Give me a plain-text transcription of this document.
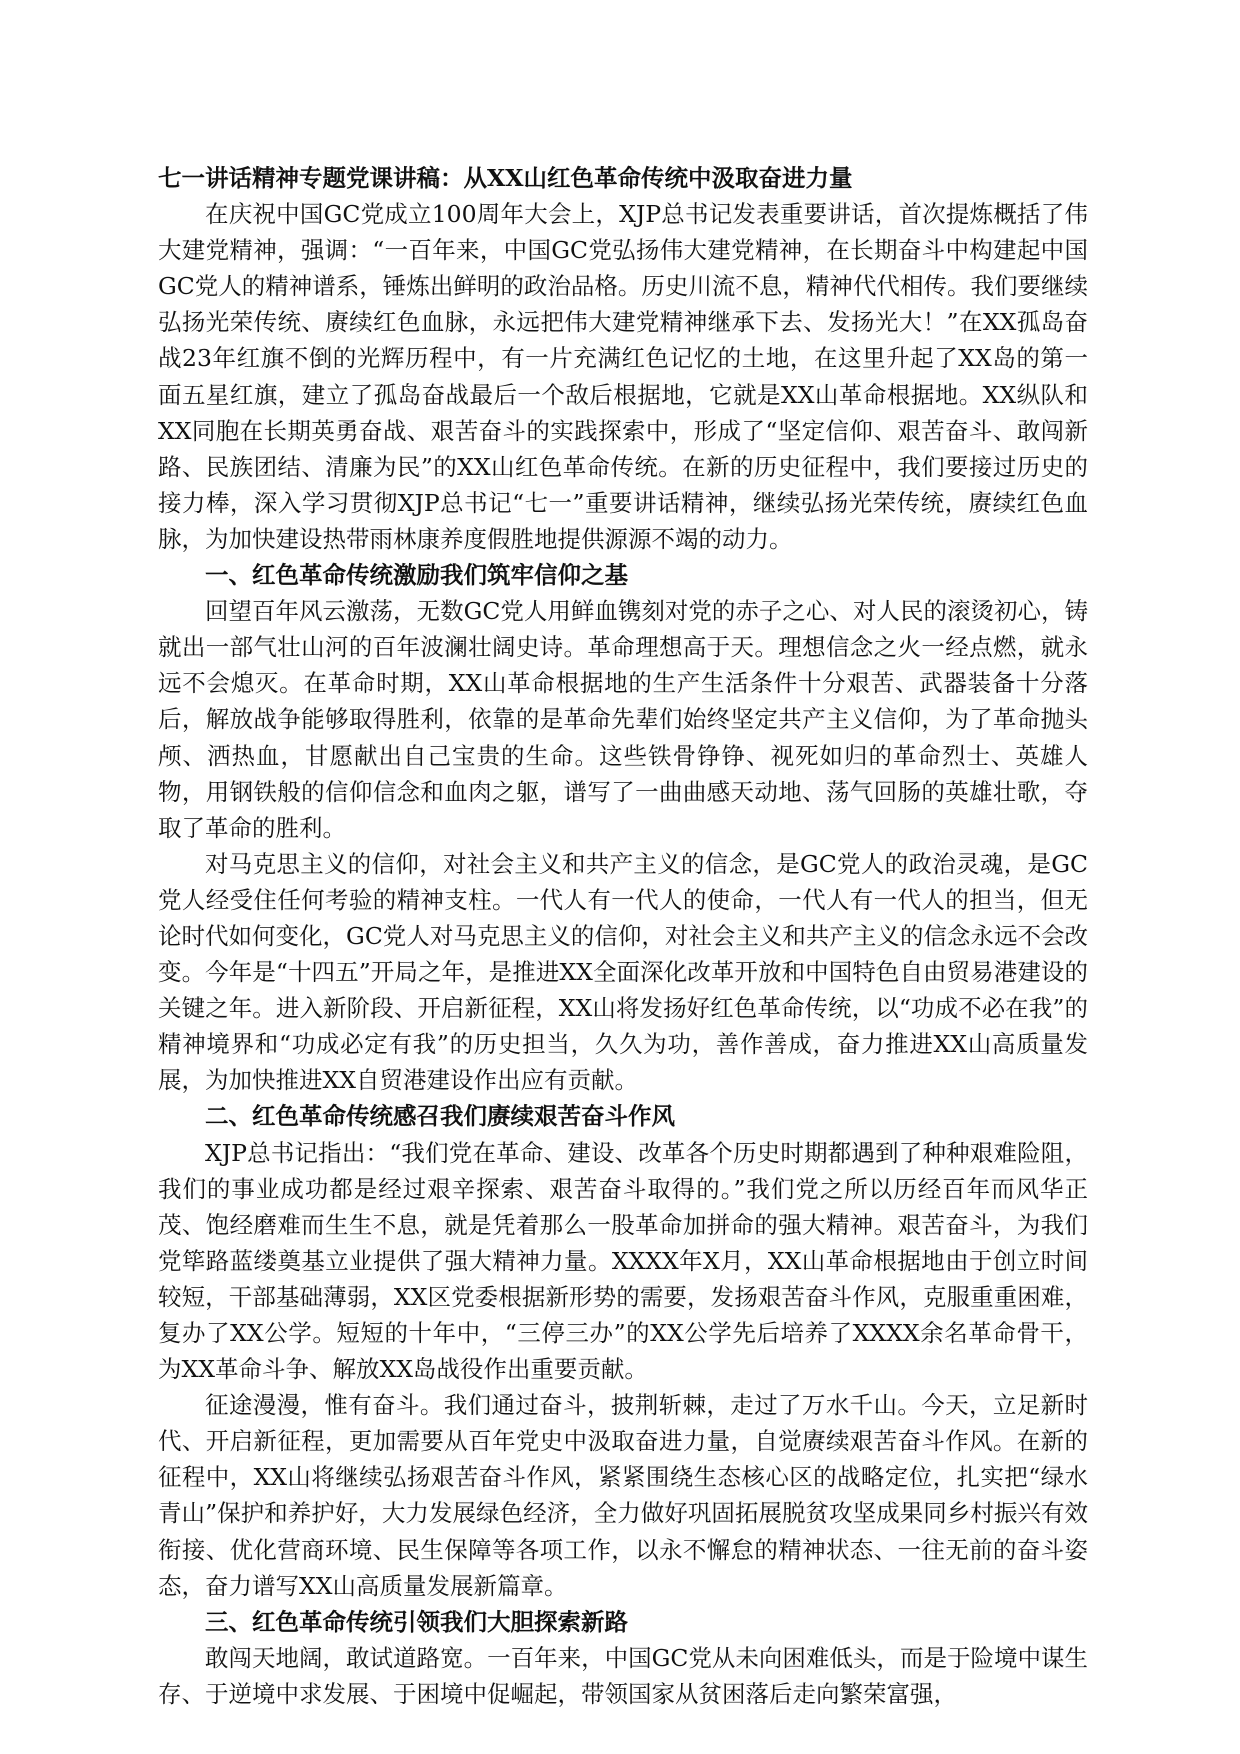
七一讲话精神专题党课讲稿：从XX山红色革命传统中汲取奋进力量

在庆祝中国GC党成立100周年大会上，XJP总书记发表重要讲话，首次提炼概括了伟大建党精神，强调：“一百年来，中国GC党弘扬伟大建党精神，在长期奋斗中构建起中国GC党人的精神谱系，锤炼出鲜明的政治品格。历史川流不息，精神代代相传。我们要继续弘扬光荣传统、赓续红色血脉，永远把伟大建党精神继承下去、发扬光大！”在XX孤岛奋战23年红旗不倒的光辉历程中，有一片充满红色记忆的土地，在这里升起了XX岛的第一面五星红旗，建立了孤岛奋战最后一个敌后根据地，它就是XX山革命根据地。XX纵队和XX同胞在长期英勇奋战、艰苦奋斗的实践探索中，形成了“坚定信仰、艰苦奋斗、敢闯新路、民族团结、清廉为民”的XX山红色革命传统。在新的历史征程中，我们要接过历史的接力棒，深入学习贯彻XJP总书记“七一”重要讲话精神，继续弘扬光荣传统，赓续红色血脉，为加快建设热带雨林康养度假胜地提供源源不竭的动力。

一、红色革命传统激励我们筑牢信仰之基

回望百年风云激荡，无数GC党人用鲜血镌刻对党的赤子之心、对人民的滚烫初心，铸就出一部气壮山河的百年波澜壮阔史诗。革命理想高于天。理想信念之火一经点燃，就永远不会熄灭。在革命时期，XX山革命根据地的生产生活条件十分艰苦、武器装备十分落后，解放战争能够取得胜利，依靠的是革命先辈们始终坚定共产主义信仰，为了革命抛头颅、洒热血，甘愿献出自己宝贵的生命。这些铁骨铮铮、视死如归的革命烈士、英雄人物，用钢铁般的信仰信念和血肉之躯，谱写了一曲曲感天动地、荡气回肠的英雄壮歌，夺取了革命的胜利。

对马克思主义的信仰，对社会主义和共产主义的信念，是GC党人的政治灵魂，是GC党人经受住任何考验的精神支柱。一代人有一代人的使命，一代人有一代人的担当，但无论时代如何变化，GC党人对马克思主义的信仰，对社会主义和共产主义的信念永远不会改变。今年是“十四五”开局之年，是推进XX全面深化改革开放和中国特色自由贸易港建设的关键之年。进入新阶段、开启新征程，XX山将发扬好红色革命传统，以“功成不必在我”的精神境界和“功成必定有我”的历史担当，久久为功，善作善成，奋力推进XX山高质量发展，为加快推进XX自贸港建设作出应有贡献。

二、红色革命传统感召我们赓续艰苦奋斗作风

XJP总书记指出：“我们党在革命、建设、改革各个历史时期都遇到了种种艰难险阻，我们的事业成功都是经过艰辛探索、艰苦奋斗取得的。”我们党之所以历经百年而风华正茂、饱经磨难而生生不息，就是凭着那么一股革命加拼命的强大精神。艰苦奋斗，为我们党筚路蓝缕奠基立业提供了强大精神力量。XXXX年X月，XX山革命根据地由于创立时间较短，干部基础薄弱，XX区党委根据新形势的需要，发扬艰苦奋斗作风，克服重重困难，复办了XX公学。短短的十年中，“三停三办”的XX公学先后培养了XXXX余名革命骨干，为XX革命斗争、解放XX岛战役作出重要贡献。

征途漫漫，惟有奋斗。我们通过奋斗，披荆斩棘，走过了万水千山。今天，立足新时代、开启新征程，更加需要从百年党史中汲取奋进力量，自觉赓续艰苦奋斗作风。在新的征程中，XX山将继续弘扬艰苦奋斗作风，紧紧围绕生态核心区的战略定位，扎实把“绿水青山”保护和养护好，大力发展绿色经济，全力做好巩固拓展脱贫攻坚成果同乡村振兴有效衔接、优化营商环境、民生保障等各项工作，以永不懈怠的精神状态、一往无前的奋斗姿态，奋力谱写XX山高质量发展新篇章。

三、红色革命传统引领我们大胆探索新路

敢闯天地阔，敢试道路宽。一百年来，中国GC党从未向困难低头，而是于险境中谋生存、于逆境中求发展、于困境中促崛起，带领国家从贫困落后走向繁荣富强，
